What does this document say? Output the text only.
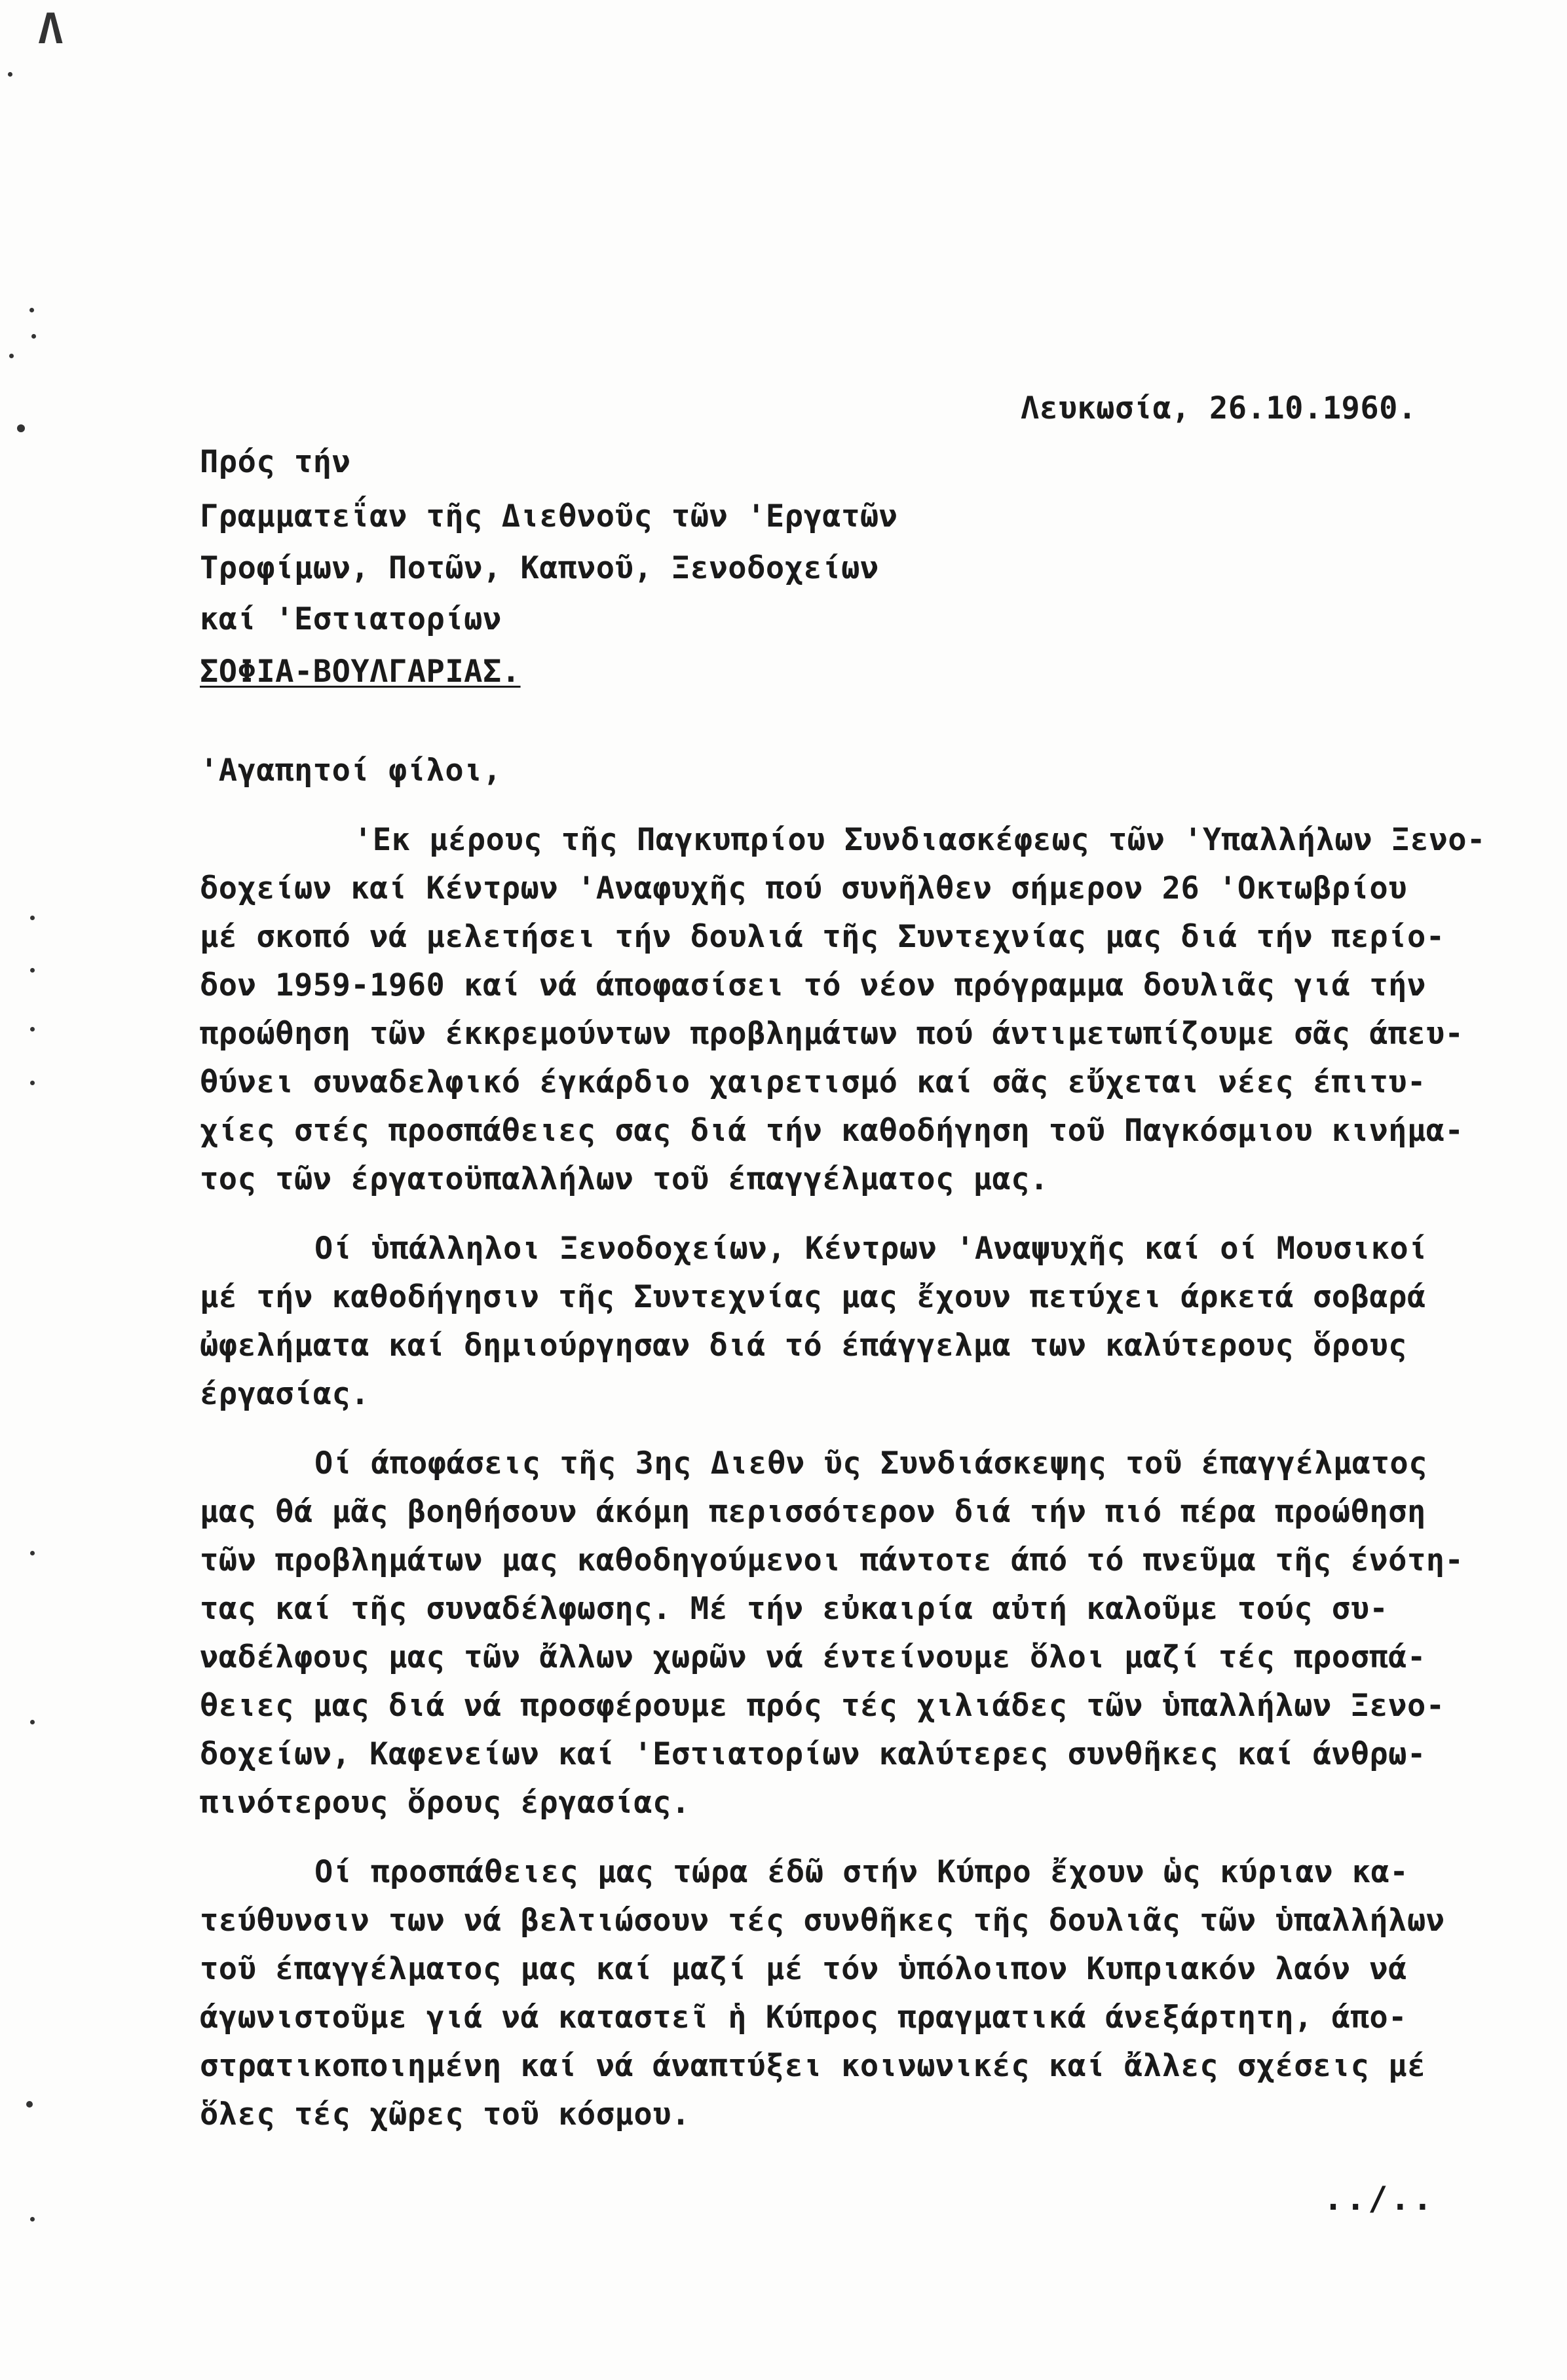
Λ
Λευκωσία, 26.10.1960.
Πρός τήν
Γραμματεΐαν τῆς Διεθνοῦς τῶν 'Εργατῶν
Τροφίμων, Ποτῶν, Καπνοῦ, Ξενοδοχείων
καί 'Εστιατορίων
ΣΟΦΙΑ-ΒΟΥΛΓΑΡΙΑΣ.
'Αγαπητοί φίλοι,
'Εκ μέρους τῆς Παγκυπρίου Συνδιασκέφεως τῶν 'Υπαλλήλων Ξενο-
δοχείων καί Κέντρων 'Αναφυχῆς πού συνῆλθεν σήμερον 26 'Οκτωβρίου
μέ σκοπό νά μελετήσει τήν δουλιά τῆς Συντεχνίας μας διά τήν περίο-
δον 1959-1960 καί νά άποφασίσει τό νέον πρόγραμμα δουλιᾶς γιά τήν
προώθηση τῶν έκκρεμούντων προβλημάτων πού άντιμετωπίζουμε σᾶς άπευ-
θύνει συναδελφικό έγκάρδιο χαιρετισμό καί σᾶς εὔχεται νέες έπιτυ-
χίες στές προσπάθειες σας διά τήν καθοδήγηση τοῦ Παγκόσμιου κινήμα-
τος τῶν έργατοϋπαλλήλων τοῦ έπαγγέλματος μας.
Οί ὑπάλληλοι Ξενοδοχείων, Κέντρων 'Αναψυχῆς καί οί Μουσικοί
μέ τήν καθοδήγησιν τῆς Συντεχνίας μας ἔχουν πετύχει άρκετά σοβαρά
ὠφελήματα καί δημιούργησαν διά τό έπάγγελμα των καλύτερους ὅρους
έργασίας.
Οί άποφάσεις τῆς 3ης Διεθν ῦς Συνδιάσκεψης τοῦ έπαγγέλματος
μας θά μᾶς βοηθήσουν άκόμη περισσότερον διά τήν πιό πέρα προώθηση
τῶν προβλημάτων μας καθοδηγούμενοι πάντοτε άπό τό πνεῦμα τῆς ένότη-
τας καί τῆς συναδέλφωσης. Μέ τήν εὐκαιρία αὐτή καλοῦμε τούς συ-
ναδέλφους μας τῶν ἄλλων χωρῶν νά έντείνουμε ὅλοι μαζί τές προσπά-
θειες μας διά νά προσφέρουμε πρός τές χιλιάδες τῶν ὑπαλλήλων Ξενο-
δοχείων, Καφενείων καί 'Εστιατορίων καλύτερες συνθῆκες καί άνθρω-
πινότερους ὅρους έργασίας.
Οί προσπάθειες μας τώρα έδῶ στήν Κύπρο ἔχουν ὡς κύριαν κα-
τεύθυνσιν των νά βελτιώσουν τές συνθῆκες τῆς δουλιᾶς τῶν ὑπαλλήλων
τοῦ έπαγγέλματος μας καί μαζί μέ τόν ὑπόλοιπον Κυπριακόν λαόν νά
άγωνιστοῦμε γιά νά καταστεῖ ἡ Κύπρος πραγματικά άνεξάρτητη, άπο-
στρατικοποιημένη καί νά άναπτύξει κοινωνικές καί ἄλλες σχέσεις μέ
ὅλες τές χῶρες τοῦ κόσμου.
../..
